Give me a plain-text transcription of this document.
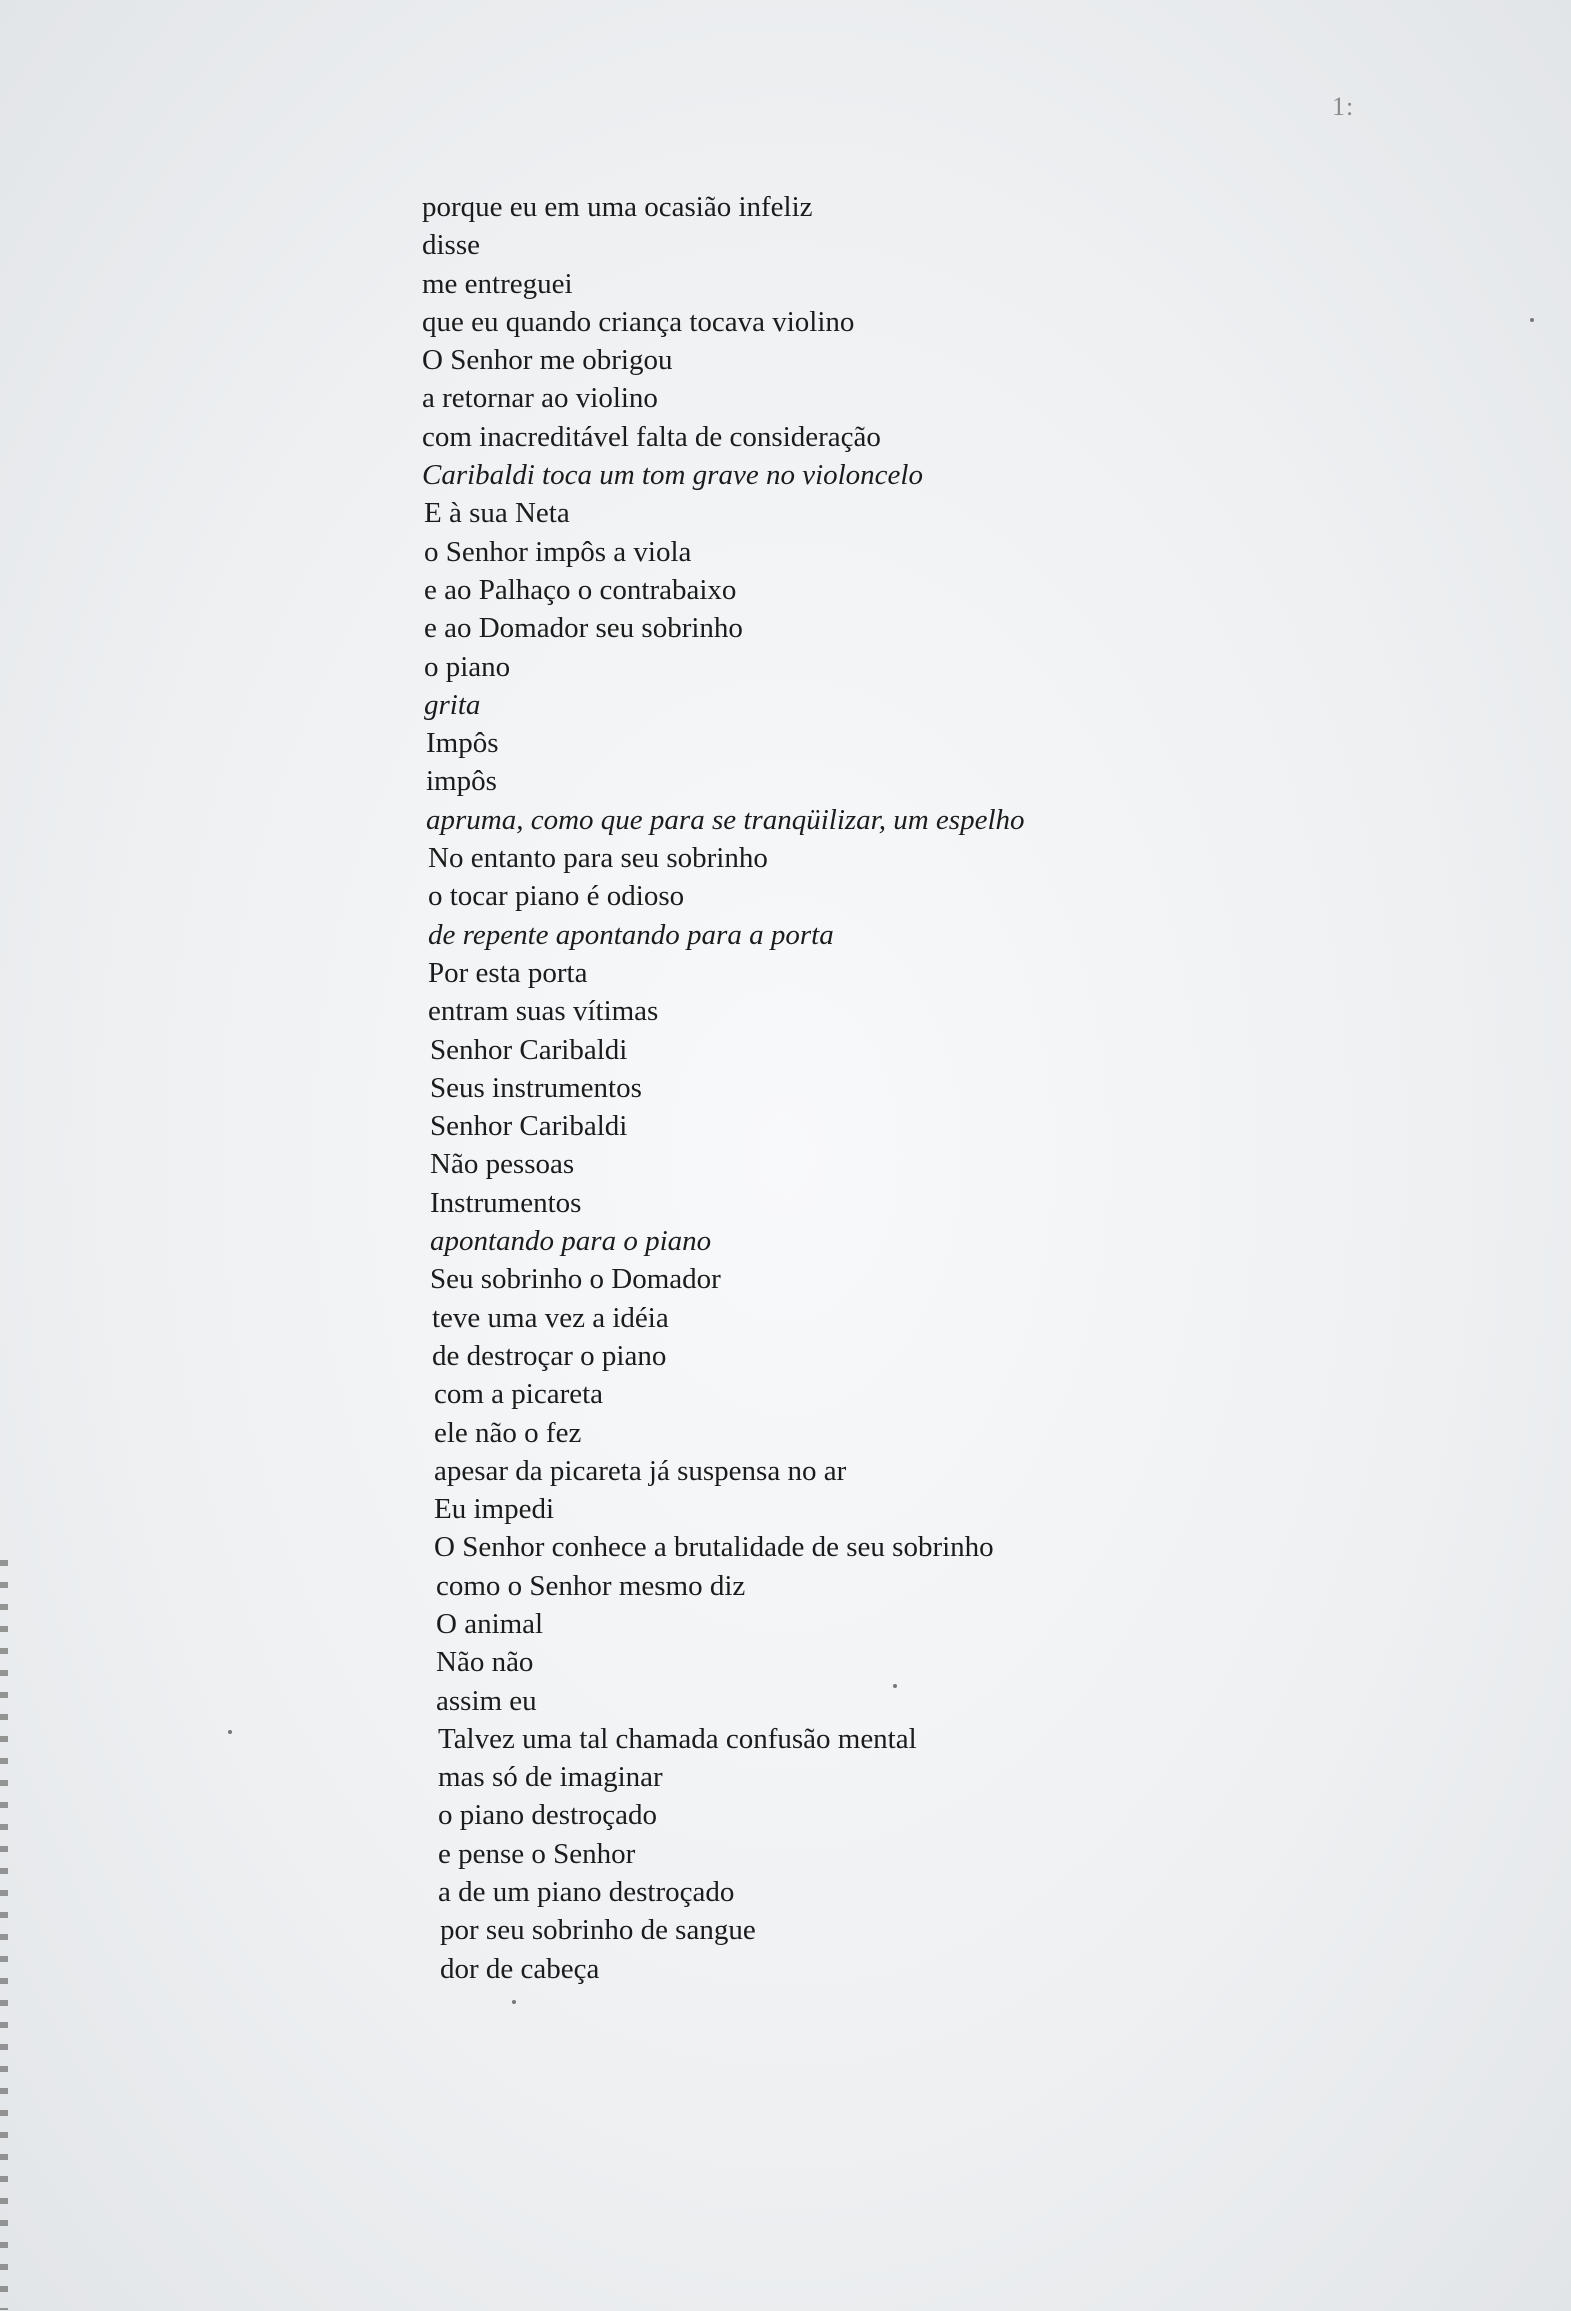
1:
porque eu em uma ocasião infeliz
disse
me entreguei
que eu quando criança tocava violino
O Senhor me obrigou
a retornar ao violino
com inacreditável falta de consideração
Caribaldi toca um tom grave no violoncelo
E à sua Neta
o Senhor impôs a viola
e ao Palhaço o contrabaixo
e ao Domador seu sobrinho
o piano
grita
Impôs
impôs
apruma, como que para se tranqüilizar, um espelho
No entanto para seu sobrinho
o tocar piano é odioso
de repente apontando para a porta
Por esta porta
entram suas vítimas
Senhor Caribaldi
Seus instrumentos
Senhor Caribaldi
Não pessoas
Instrumentos
apontando para o piano
Seu sobrinho o Domador
teve uma vez a idéia
de destroçar o piano
com a picareta
ele não o fez
apesar da picareta já suspensa no ar
Eu impedi
O Senhor conhece a brutalidade de seu sobrinho
como o Senhor mesmo diz
O animal
Não não
assim eu
Talvez uma tal chamada confusão mental
mas só de imaginar
o piano destroçado
e pense o Senhor
a de um piano destroçado
por seu sobrinho de sangue
dor de cabeça
